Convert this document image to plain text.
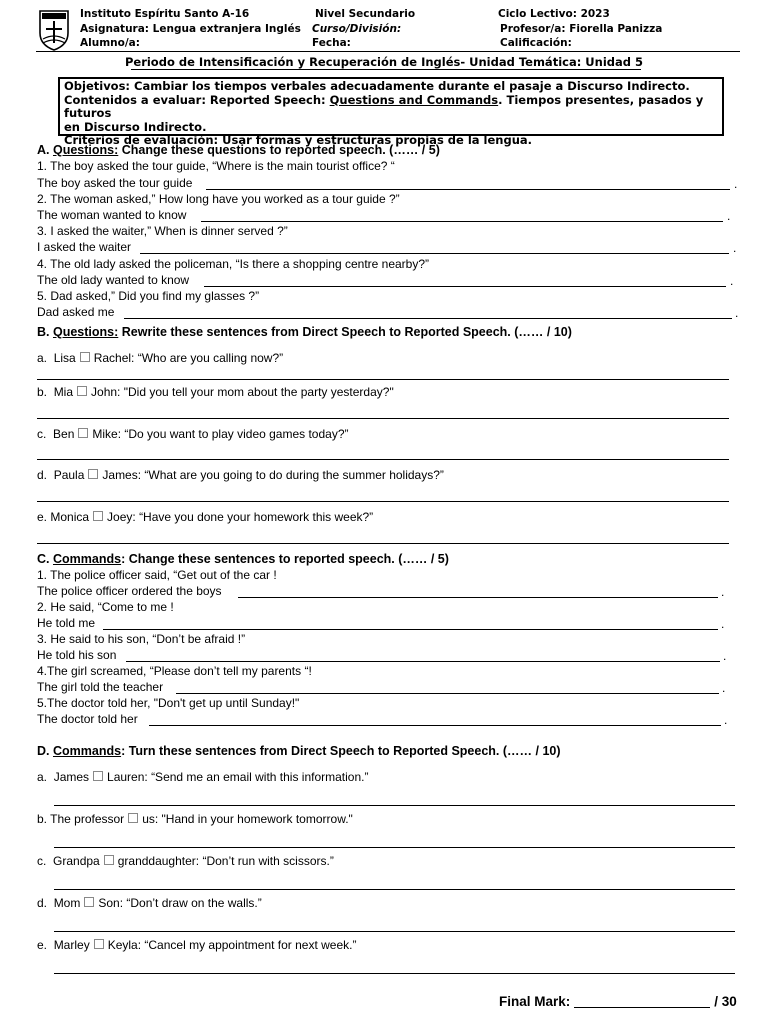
Instituto Espíritu Santo A-16	Nivel Secundario	Ciclo Lectivo: 2023
Asignatura: Lengua extranjera Inglés Curso/División:	Profesor/a: Fiorella Panizza
Alumno/a:	Fecha:	Calificación:
Periodo de Intensificación y Recuperación de Inglés- Unidad Temática: Unidad 5
Objetivos: Cambiar los tiempos verbales adecuadamente durante el pasaje a Discurso Indirecto.
Contenidos a evaluar: Reported Speech: Questions and Commands. Tiempos presentes, pasados y futuros
en Discurso Indirecto.
Criterios de evaluación: Usar formas y estructuras propias de la lengua.
A. Questions: Change these questions to reported speech. (…… / 5)
1. The boy asked the tour guide, “Where is the main tourist office? “
The boy asked the tour guide	.
2. The woman asked,” How long have you worked as a tour guide ?”
The woman wanted to know	.
3. I asked the waiter,” When is dinner served ?”
I asked the waiter	.
4. The old lady asked the policeman, “Is there a shopping centre nearby?”
The old lady wanted to know	.
5. Dad asked,” Did you find my glasses ?”
Dad asked me	.
B. Questions: Rewrite these sentences from Direct Speech to Reported Speech. (…… / 10)
a. Lisa Rachel: “Who are you calling now?”
b. Mia John: "Did you tell your mom about the party yesterday?"
c. Ben Mike: “Do you want to play video games today?”
d. Paula James: “What are you going to do during the summer holidays?”
e. Monica Joey: “Have you done your homework this week?”
C. Commands: Change these sentences to reported speech. (…… / 5)
1. The police officer said, “Get out of the car !
The police officer ordered the boys	.
2. He said, “Come to me !
He told me	.
3. He said to his son, “Don’t be afraid !”
He told his son	.
4.The girl screamed, “Please don’t tell my parents “!
The girl told the teacher	.
5.The doctor told her, "Don't get up until Sunday!"
The doctor told her	.
D. Commands: Turn these sentences from Direct Speech to Reported Speech. (…… / 10)
a. James Lauren: “Send me an email with this information.”
b. The professor us: "Hand in your homework tomorrow."
c. Grandpa granddaughter: “Don’t run with scissors.”
d. Mom Son: “Don’t draw on the walls.”
e. Marley Keyla: “Cancel my appointment for next week.”
Final Mark:	/ 30
